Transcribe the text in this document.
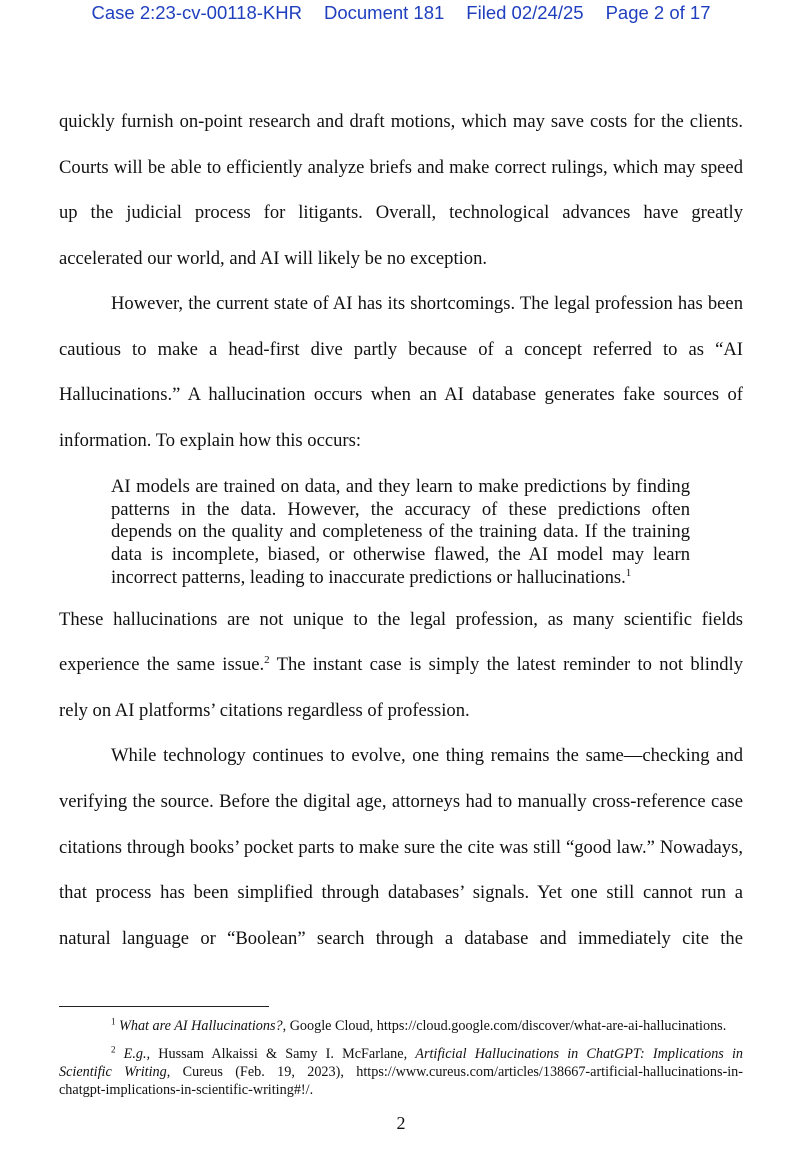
Case 2:23-cv-00118-KHR Document 181 Filed 02/24/25 Page 2 of 17
quickly furnish on-point research and draft motions, which may save costs for the clients.
Courts will be able to efficiently analyze briefs and make correct rulings, which may speed
up the judicial process for litigants. Overall, technological advances have greatly
accelerated our world, and AI will likely be no exception.
However, the current state of AI has its shortcomings. The legal profession has been
cautious to make a head-first dive partly because of a concept referred to as “AI
Hallucinations.” A hallucination occurs when an AI database generates fake sources of
information. To explain how this occurs:
AI models are trained on data, and they learn to make predictions by finding
patterns in the data. However, the accuracy of these predictions often
depends on the quality and completeness of the training data. If the training
data is incomplete, biased, or otherwise flawed, the AI model may learn
incorrect patterns, leading to inaccurate predictions or hallucinations.$^1$
These hallucinations are not unique to the legal profession, as many scientific fields
experience the same issue.$^2$ The instant case is simply the latest reminder to not blindly
rely on AI platforms’ citations regardless of profession.
While technology continues to evolve, one thing remains the same—checking and
verifying the source. Before the digital age, attorneys had to manually cross-reference case
citations through books’ pocket parts to make sure the cite was still “good law.” Nowadays,
that process has been simplified through databases’ signals. Yet one still cannot run a
natural language or “Boolean” search through a database and immediately cite the
$^1$ What are AI Hallucinations?, Google Cloud, https://cloud.google.com/discover/what-are-ai-hallucinations.
$^2$ E.g., Hussam Alkaissi & Samy I. McFarlane, Artificial Hallucinations in ChatGPT: Implications in
Scientific Writing, Cureus (Feb. 19, 2023), https://www.cureus.com/articles/138667-artificial-hallucinations-in-
chatgpt-implications-in-scientific-writing#!/.
2
